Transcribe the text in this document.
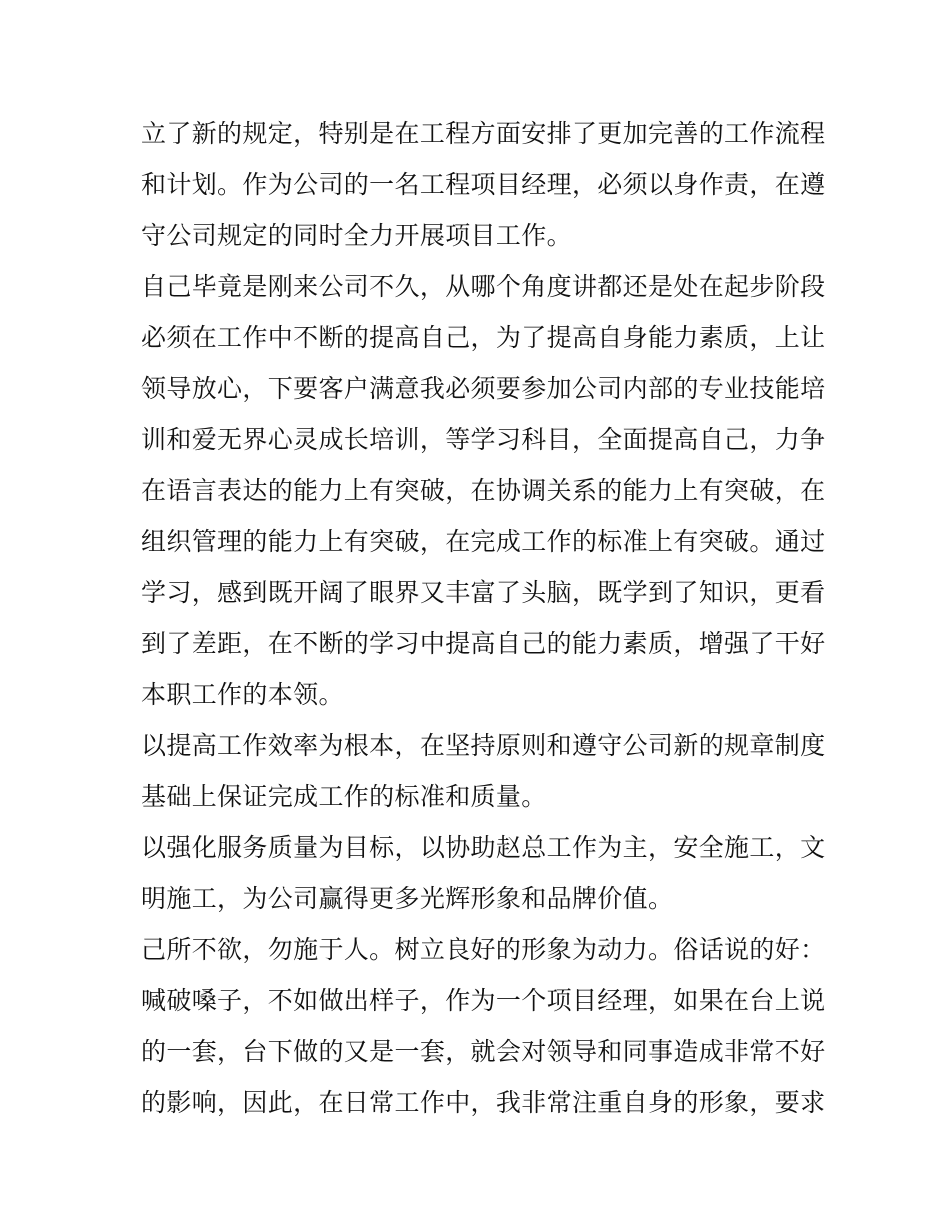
立了新的规定，特别是在工程方面安排了更加完善的工作流程
和计划。作为公司的一名工程项目经理，必须以身作责，在遵
守公司规定的同时全力开展项目工作。
自己毕竟是刚来公司不久，从哪个角度讲都还是处在起步阶段
必须在工作中不断的提高自己，为了提高自身能力素质，上让
领导放心，下要客户满意我必须要参加公司内部的专业技能培
训和爱无界心灵成长培训，等学习科目，全面提高自己，力争
在语言表达的能力上有突破，在协调关系的能力上有突破，在
组织管理的能力上有突破，在完成工作的标准上有突破。通过
学习，感到既开阔了眼界又丰富了头脑，既学到了知识，更看
到了差距，在不断的学习中提高自己的能力素质，增强了干好
本职工作的本领。
以提高工作效率为根本，在坚持原则和遵守公司新的规章制度
基础上保证完成工作的标准和质量。
以强化服务质量为目标，以协助赵总工作为主，安全施工，文
明施工，为公司赢得更多光辉形象和品牌价值。
己所不欲，勿施于人。树立良好的形象为动力。俗话说的好：
喊破嗓子，不如做出样子，作为一个项目经理，如果在台上说
的一套，台下做的又是一套，就会对领导和同事造成非常不好
的影响，因此，在日常工作中，我非常注重自身的形象，要求
